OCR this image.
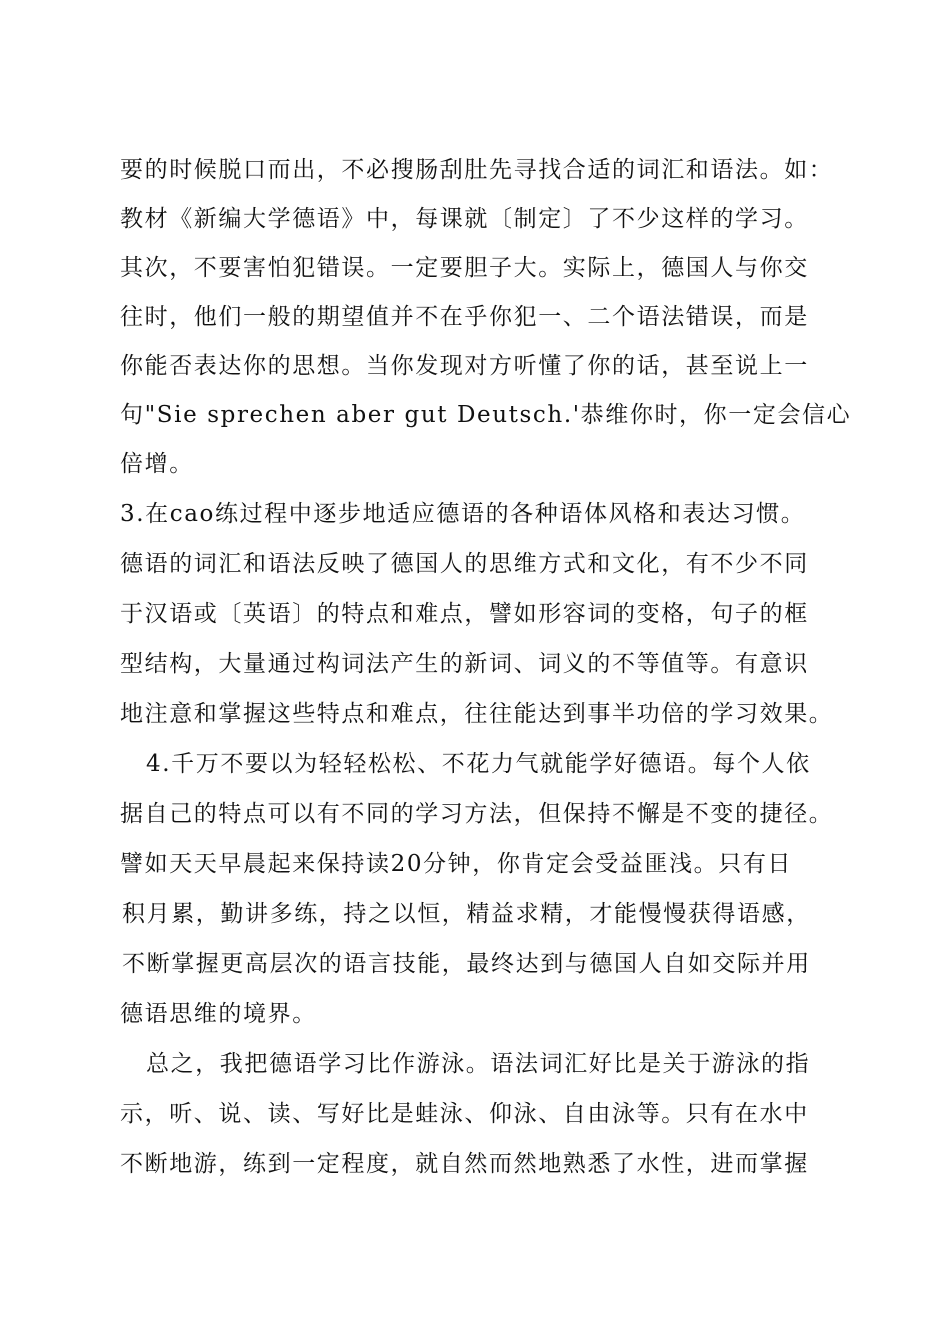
要的时候脱口而出，不必搜肠刮肚先寻找合适的词汇和语法。如：
教材《新编大学德语》中，每课就〔制定〕了不少这样的学习。
其次，不要害怕犯错误。一定要胆子大。实际上，德国人与你交
往时，他们一般的期望值并不在乎你犯一、二个语法错误，而是
你能否表达你的思想。当你发现对方听懂了你的话，甚至说上一
句"Sie sprechen aber gut Deutsch.'恭维你时，你一定会信心
倍增。
3.在cao练过程中逐步地适应德语的各种语体风格和表达习惯。
德语的词汇和语法反映了德国人的思维方式和文化，有不少不同
于汉语或〔英语〕的特点和难点，譬如形容词的变格，句子的框
型结构，大量通过构词法产生的新词、词义的不等值等。有意识
地注意和掌握这些特点和难点，往往能达到事半功倍的学习效果。
4.千万不要以为轻轻松松、不花力气就能学好德语。每个人依
据自己的特点可以有不同的学习方法，但保持不懈是不变的捷径。
譬如天天早晨起来保持读20分钟，你肯定会受益匪浅。只有日
积月累，勤讲多练，持之以恒，精益求精，才能慢慢获得语感，
不断掌握更高层次的语言技能，最终达到与德国人自如交际并用
德语思维的境界。
总之，我把德语学习比作游泳。语法词汇好比是关于游泳的指
示，听、说、读、写好比是蛙泳、仰泳、自由泳等。只有在水中
不断地游，练到一定程度，就自然而然地熟悉了水性，进而掌握
